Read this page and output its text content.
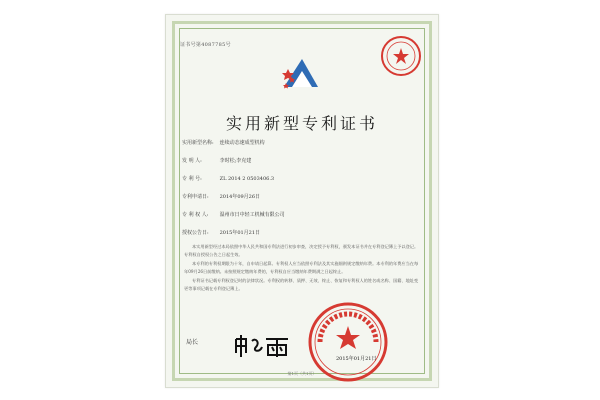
证书号第4087785号
实用新型专利证书
实用新型名称: 连续动态速成型机构
发 明 人:	李时松;李克建
专 利 号:	ZL 2014 2 0503406.3
专利申请日: 2014年09月26日
专 利 权 人: 温州市日中轻工机械有限公司
授权公告日: 2015年01月21日

本实用新型经过本局依照中华人民共和国专利法进行初步审查，决定授予专利权，颁发本证书并在专利登记簿上予以登记。专利权自授权公告之日起生效。

本专利的专利权期限为十年，自申请日起算。专利权人应当依照专利法及其实施细则规定缴纳年费。本专利的年费应当在每年09月26日前缴纳。未按照规定缴纳年费的，专利权自应当缴纳年费期满之日起终止。

专利证书记载专利权登记时的法律状况。专利权的转移、质押、无效、终止、恢复和专利权人的姓名或名称、国籍、地址变更等事项记载在专利登记簿上。

局长
2015年01月21日
第1页（共1页）
